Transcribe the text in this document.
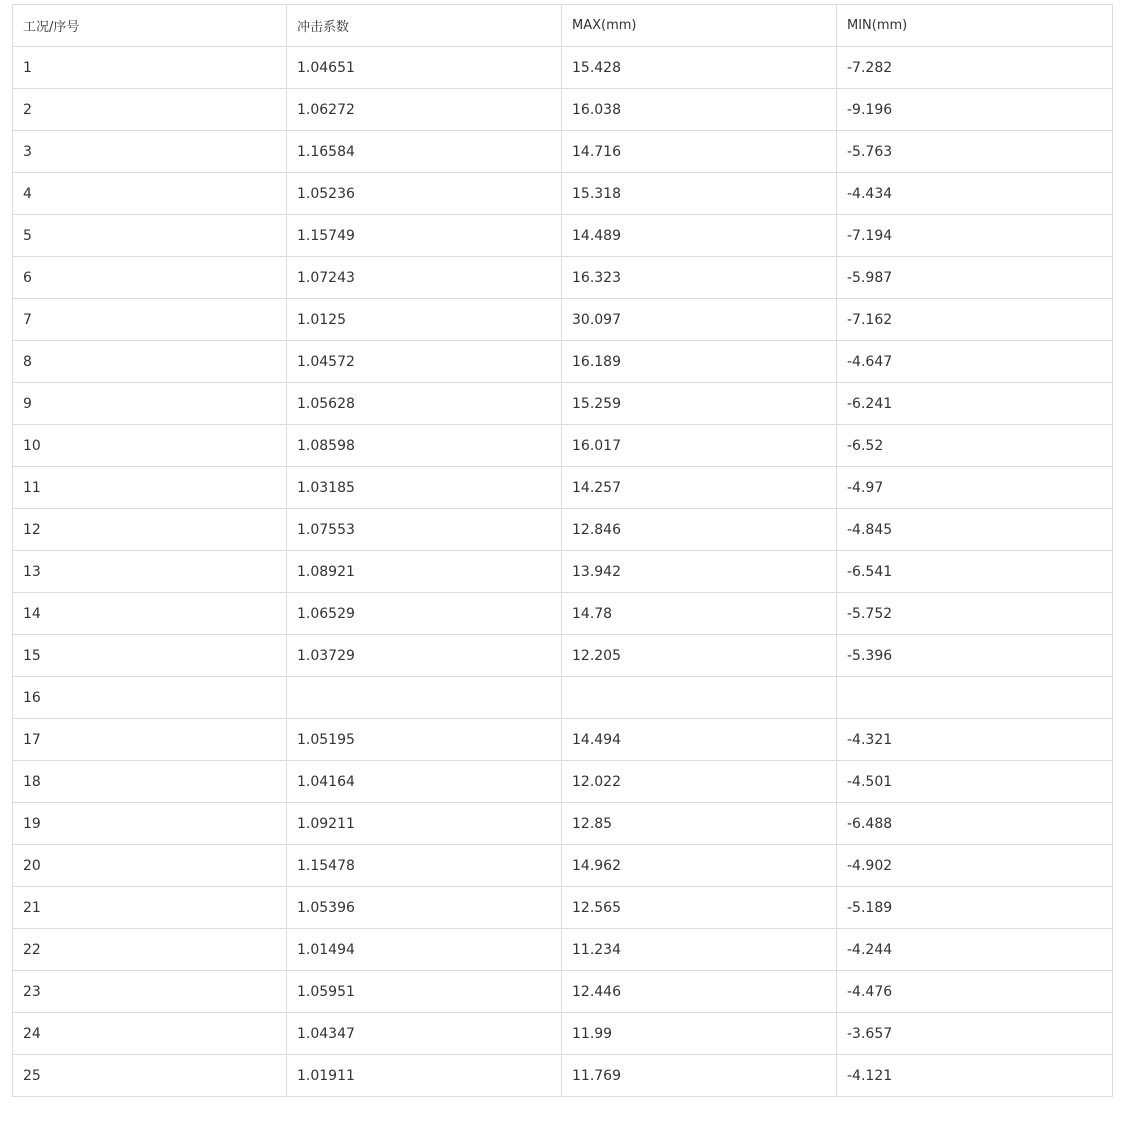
工况/序号	冲击系数	MAX(mm)	MIN(mm)
1	1.04651	15.428	-7.282
2	1.06272	16.038	-9.196
3	1.16584	14.716	-5.763
4	1.05236	15.318	-4.434
5	1.15749	14.489	-7.194
6	1.07243	16.323	-5.987
7	1.0125	30.097	-7.162
8	1.04572	16.189	-4.647
9	1.05628	15.259	-6.241
10	1.08598	16.017	-6.52
11	1.03185	14.257	-4.97
12	1.07553	12.846	-4.845
13	1.08921	13.942	-6.541
14	1.06529	14.78	-5.752
15	1.03729	12.205	-5.396
16			
17	1.05195	14.494	-4.321
18	1.04164	12.022	-4.501
19	1.09211	12.85	-6.488
20	1.15478	14.962	-4.902
21	1.05396	12.565	-5.189
22	1.01494	11.234	-4.244
23	1.05951	12.446	-4.476
24	1.04347	11.99	-3.657
25	1.01911	11.769	-4.121
